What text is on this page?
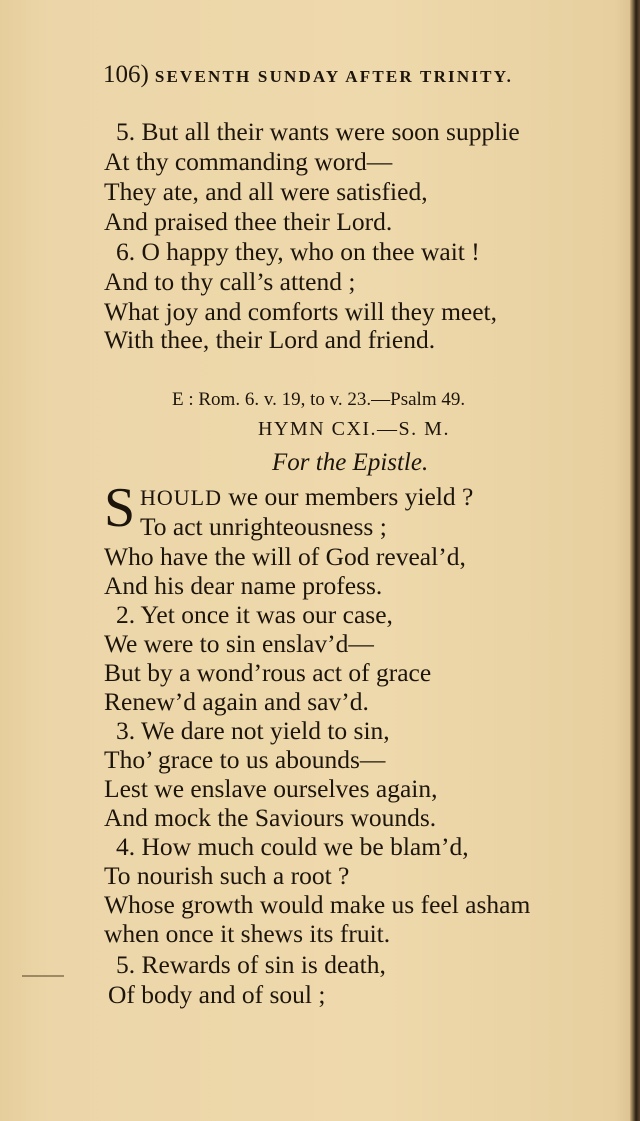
106) SEVENTH SUNDAY AFTER TRINITY.
5. But all their wants were soon supplie
At thy commanding word—
They ate, and all were satisfied,
And praised thee their Lord.
6. O happy they, who on thee wait !
And to thy call’s attend ;
What joy and comforts will they meet,
With thee, their Lord and friend.
E : Rom. 6. v. 19, to v. 23.—Psalm 49.
HYMN CXI.—S. M.
For the Epistle.
S HOULD we our members yield ?
To act unrighteousness ;
Who have the will of God reveal’d,
And his dear name profess.
2. Yet once it was our case,
We were to sin enslav’d—
But by a wond’rous act of grace
Renew’d again and sav’d.
3. We dare not yield to sin,
Tho’ grace to us abounds—
Lest we enslave ourselves again,
And mock the Saviours wounds.
4. How much could we be blam’d,
To nourish such a root ?
Whose growth would make us feel asham
when once it shews its fruit.
5. Rewards of sin is death,
Of body and of soul ;
